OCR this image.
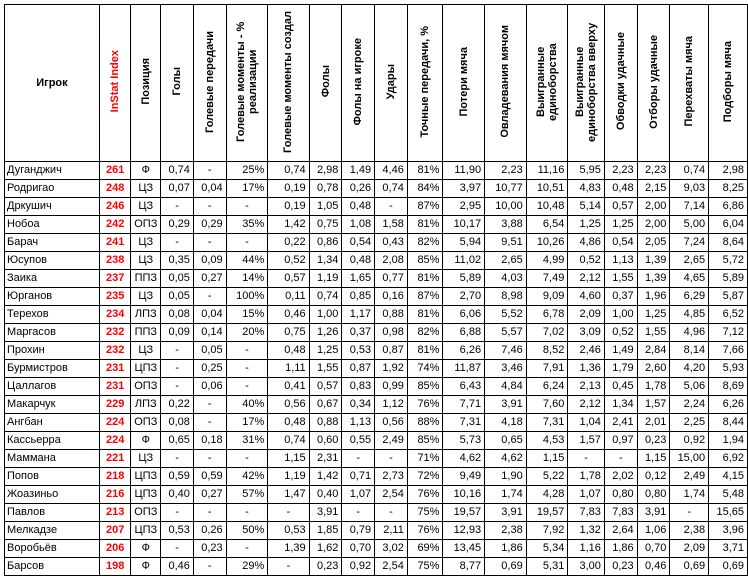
Игрок	InStat Index	Позиция	Голы	Голевые передачи	Голевые моменты - % реализации	Голевые моменты создал	Фолы	Фолы на игроке	Удары	Точные передачи, %	Потери мяча	Овладевания мячом	Выигранные единоборства	Выигранные единоборства вверху	Обводки удачные	Отборы удачные	Перехваты мяча	Подборы мяча
Дуганджич	261	Ф	0,74	-	25%	0,74	2,98	1,49	4,46	81%	11,90	2,23	11,16	5,95	2,23	2,23	0,74	2,98
Родригао	248	ЦЗ	0,07	0,04	17%	0,19	0,78	0,26	0,74	84%	3,97	10,77	10,51	4,83	0,48	2,15	9,03	8,25
Дркушич	246	ЦЗ	-	-	-	0,19	1,05	0,48	-	87%	2,95	10,00	10,48	5,14	0,57	2,00	7,14	6,86
Нобоа	242	ОПЗ	0,29	0,29	35%	1,42	0,75	1,08	1,58	81%	10,17	3,88	6,54	1,25	1,25	2,00	5,00	6,04
Барач	241	ЦЗ	-	-	-	0,22	0,86	0,54	0,43	82%	5,94	9,51	10,26	4,86	0,54	2,05	7,24	8,64
Юсупов	238	ЦЗ	0,35	0,09	44%	0,52	1,34	0,48	2,08	85%	11,02	2,65	4,99	0,52	1,13	1,39	2,65	5,72
Заика	237	ППЗ	0,05	0,27	14%	0,57	1,19	1,65	0,77	81%	5,89	4,03	7,49	2,12	1,55	1,39	4,65	5,89
Юрганов	235	ЦЗ	0,05	-	100%	0,11	0,74	0,85	0,16	87%	2,70	8,98	9,09	4,60	0,37	1,96	6,29	5,87
Терехов	234	ЛПЗ	0,08	0,04	15%	0,46	1,00	1,17	0,88	81%	6,06	5,52	6,78	2,09	1,00	1,25	4,85	6,52
Маргасов	232	ППЗ	0,09	0,14	20%	0,75	1,26	0,37	0,98	82%	6,88	5,57	7,02	3,09	0,52	1,55	4,96	7,12
Прохин	232	ЦЗ	-	0,05	-	0,48	1,25	0,53	0,87	81%	6,26	7,46	8,52	2,46	1,49	2,84	8,14	7,66
Бурмистров	231	ЦПЗ	-	0,25	-	1,11	1,55	0,87	1,92	74%	11,87	3,46	7,91	1,36	1,79	2,60	4,20	5,93
Цаллагов	231	ОПЗ	-	0,06	-	0,41	0,57	0,83	0,99	85%	6,43	4,84	6,24	2,13	0,45	1,78	5,06	8,69
Макарчук	229	ЛПЗ	0,22	-	40%	0,56	0,67	0,34	1,12	76%	7,71	3,91	7,60	2,12	1,34	1,57	2,24	6,26
Ангбан	224	ОПЗ	0,08	-	17%	0,48	0,88	1,13	0,56	88%	7,31	4,18	7,31	1,04	2,41	2,01	2,25	8,44
Кассьерра	224	Ф	0,65	0,18	31%	0,74	0,60	0,55	2,49	85%	5,73	0,65	4,53	1,57	0,97	0,23	0,92	1,94
Маммана	221	ЦЗ	-	-	-	1,15	2,31	-	-	71%	4,62	4,62	1,15	-	-	1,15	15,00	6,92
Попов	218	ЦПЗ	0,59	0,59	42%	1,19	1,42	0,71	2,73	72%	9,49	1,90	5,22	1,78	2,02	0,12	2,49	4,15
Жоазиньо	216	ЦПЗ	0,40	0,27	57%	1,47	0,40	1,07	2,54	76%	10,16	1,74	4,28	1,07	0,80	0,80	1,74	5,48
Павлов	213	ОПЗ	-	-	-	-	3,91	-	-	75%	19,57	3,91	19,57	7,83	7,83	3,91	-	15,65
Мелкадзе	207	ЦПЗ	0,53	0,26	50%	0,53	1,85	0,79	2,11	76%	12,93	2,38	7,92	1,32	2,64	1,06	2,38	3,96
Воробьёв	206	Ф	-	0,23	-	1,39	1,62	0,70	3,02	69%	13,45	1,86	5,34	1,16	1,86	0,70	2,09	3,71
Барсов	198	Ф	0,46	-	29%	-	0,23	0,92	2,54	75%	8,77	0,69	5,31	3,00	0,23	0,46	0,69	0,69
